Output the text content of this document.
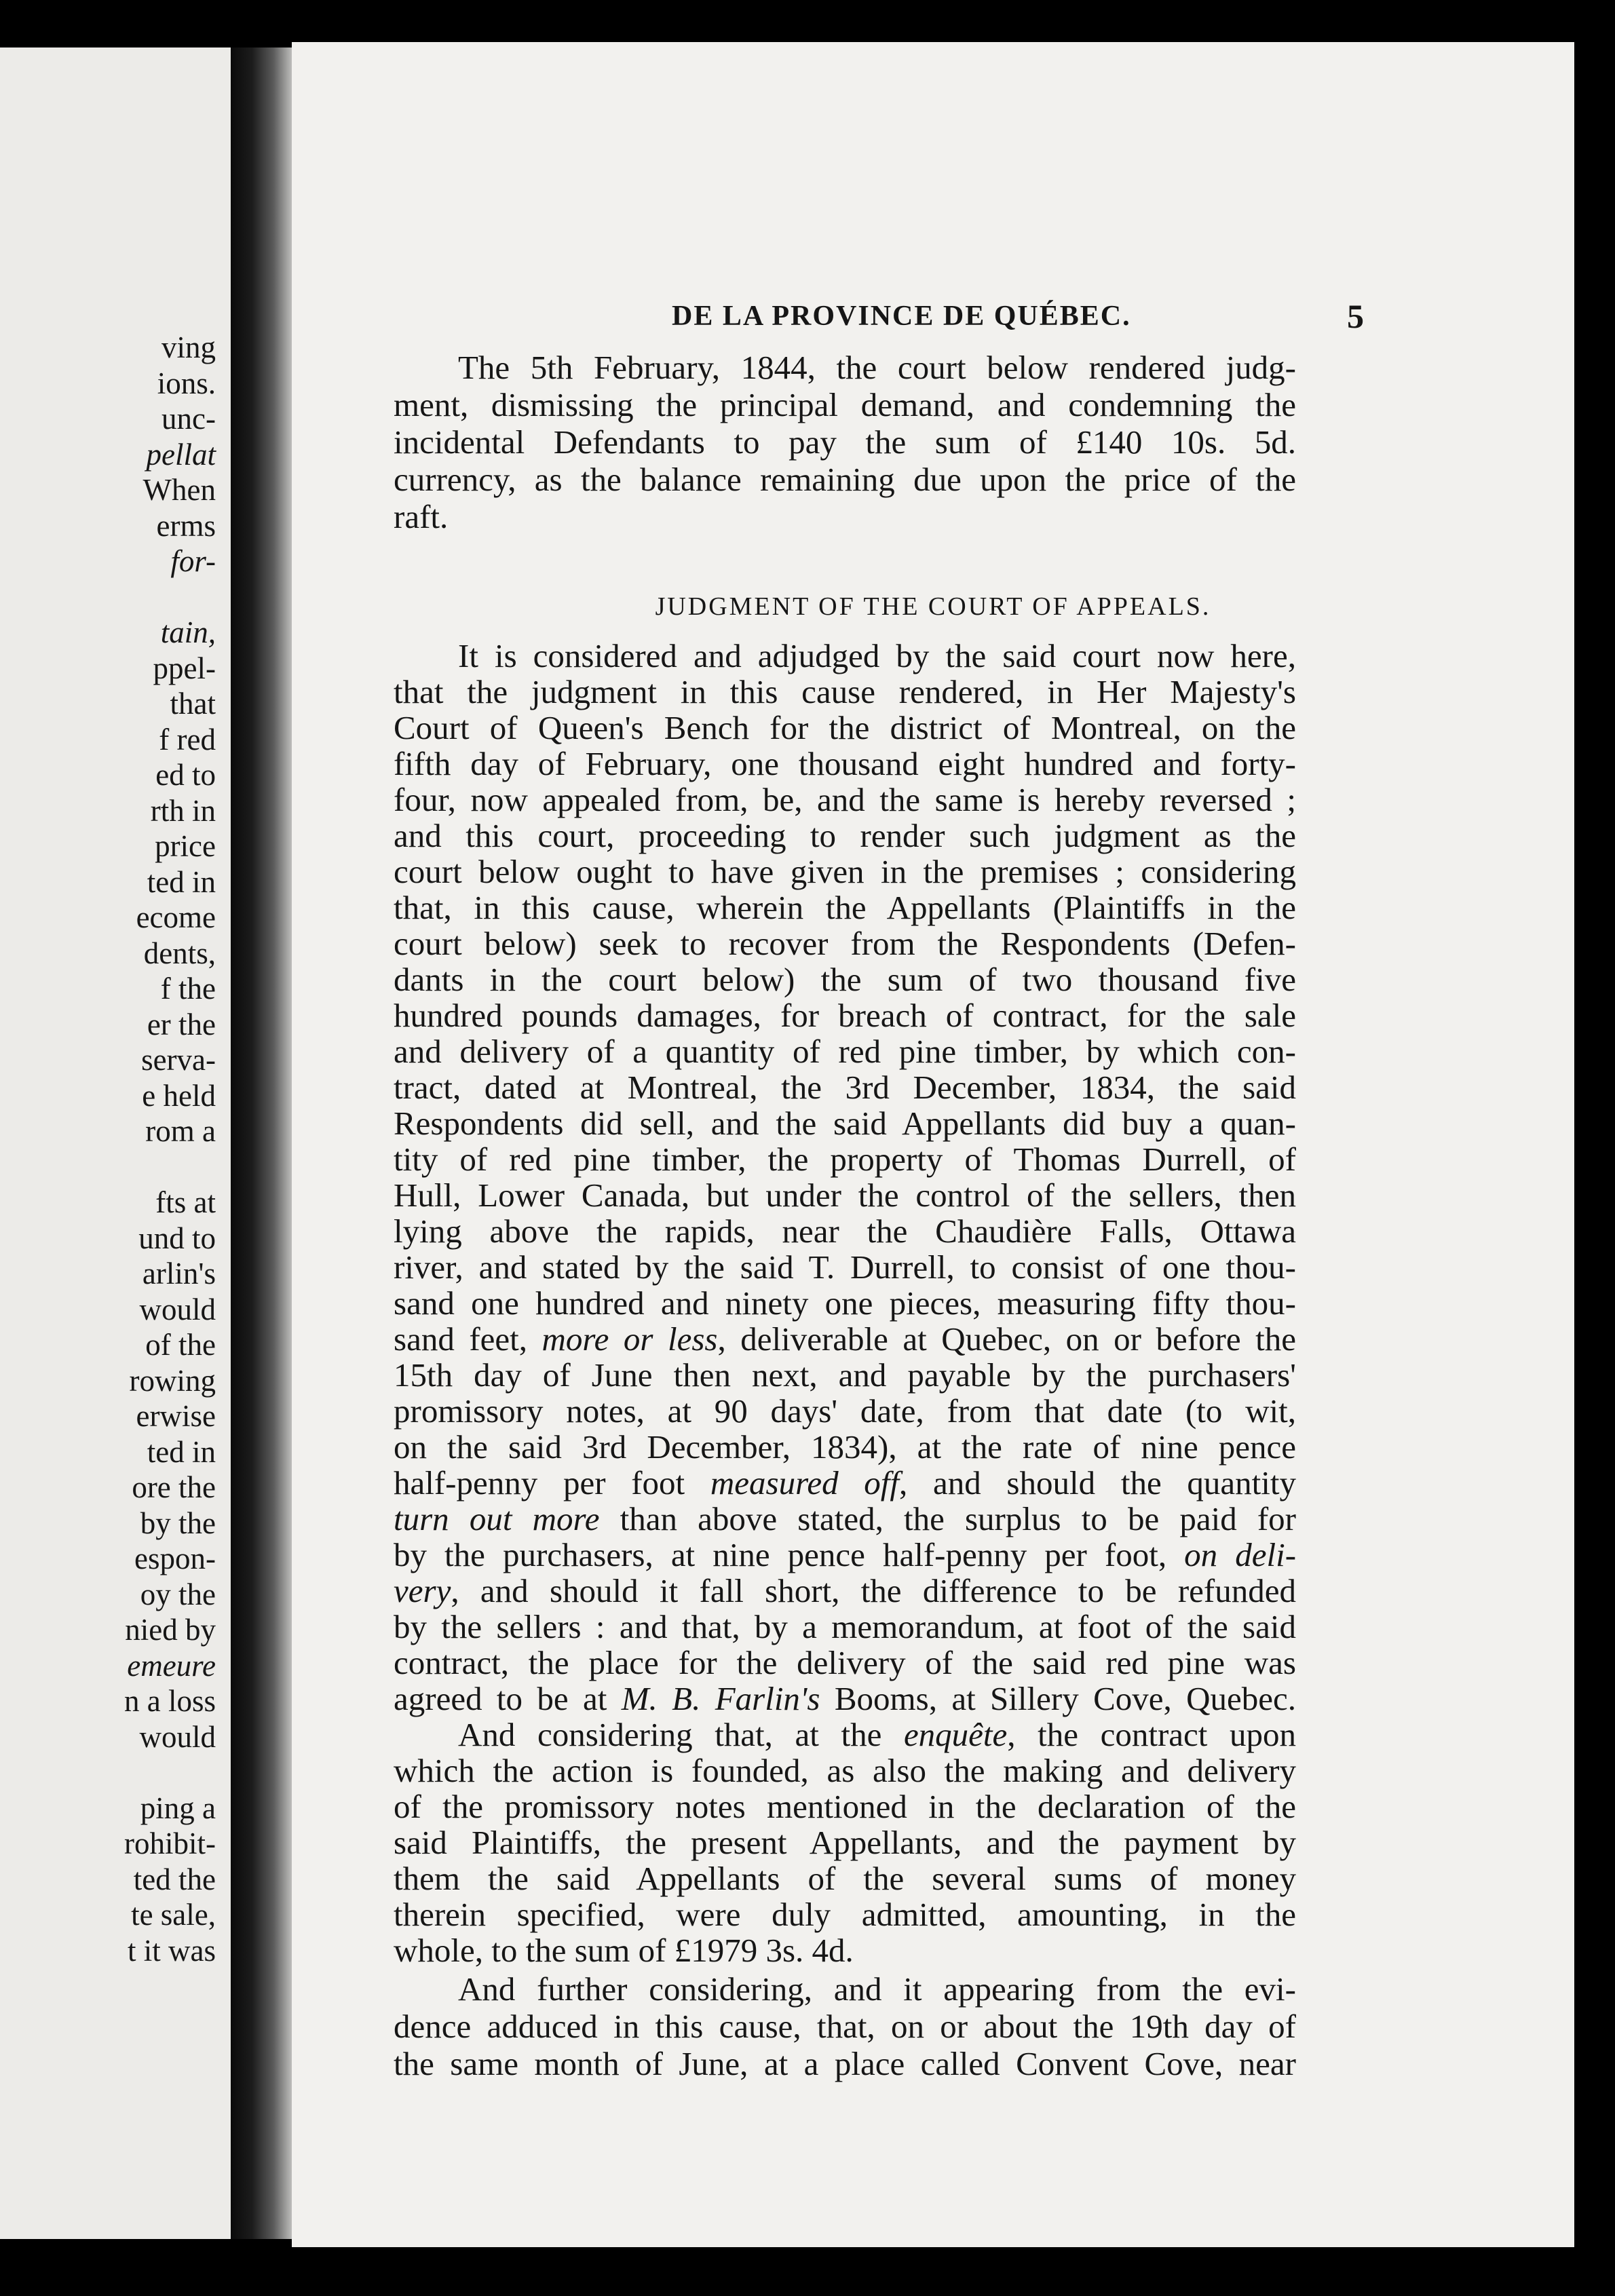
ving
ions.
unc-
pellat
When
erms
for-
tain,
ppel-
that
f red
ed to
rth in
price
ted in
ecome
dents,
f the
er the
serva-
e held
rom a
fts at
und to
arlin's
would
of the
rowing
erwise
ted in
ore the
by the
espon-
oy the
nied by
emeure
n a loss
would
ping a
rohibit-
ted the
te sale,
t it was
DE LA PROVINCE DE QUÉBEC.	5
The 5th February, 1844, the court below rendered judg-
ment, dismissing the principal demand, and condemning the
incidental Defendants to pay the sum of £140 10s. 5d.
currency, as the balance remaining due upon the price of the
raft.
JUDGMENT OF THE COURT OF APPEALS.
It is considered and adjudged by the said court now here,
that the judgment in this cause rendered, in Her Majesty's
Court of Queen's Bench for the district of Montreal, on the
fifth day of February, one thousand eight hundred and forty-
four, now appealed from, be, and the same is hereby reversed ;
and this court, proceeding to render such judgment as the
court below ought to have given in the premises ; considering
that, in this cause, wherein the Appellants (Plaintiffs in the
court below) seek to recover from the Respondents (Defen-
dants in the court below) the sum of two thousand five
hundred pounds damages, for breach of contract, for the sale
and delivery of a quantity of red pine timber, by which con-
tract, dated at Montreal, the 3rd December, 1834, the said
Respondents did sell, and the said Appellants did buy a quan-
tity of red pine timber, the property of Thomas Durrell, of
Hull, Lower Canada, but under the control of the sellers, then
lying above the rapids, near the Chaudière Falls, Ottawa
river, and stated by the said T. Durrell, to consist of one thou-
sand one hundred and ninety one pieces, measuring fifty thou-
sand feet, more or less, deliverable at Quebec, on or before the
15th day of June then next, and payable by the purchasers'
promissory notes, at 90 days' date, from that date (to wit,
on the said 3rd December, 1834), at the rate of nine pence
half-penny per foot measured off, and should the quantity
turn out more than above stated, the surplus to be paid for
by the purchasers, at nine pence half-penny per foot, on deli-
very, and should it fall short, the difference to be refunded
by the sellers : and that, by a memorandum, at foot of the said
contract, the place for the delivery of the said red pine was
agreed to be at M. B. Farlin's Booms, at Sillery Cove, Quebec.
And considering that, at the enquête, the contract upon
which the action is founded, as also the making and delivery
of the promissory notes mentioned in the declaration of the
said Plaintiffs, the present Appellants, and the payment by
them the said Appellants of the several sums of money
therein specified, were duly admitted, amounting, in the
whole, to the sum of £1979 3s. 4d.
And further considering, and it appearing from the evi-
dence adduced in this cause, that, on or about the 19th day of
the same month of June, at a place called Convent Cove, near
